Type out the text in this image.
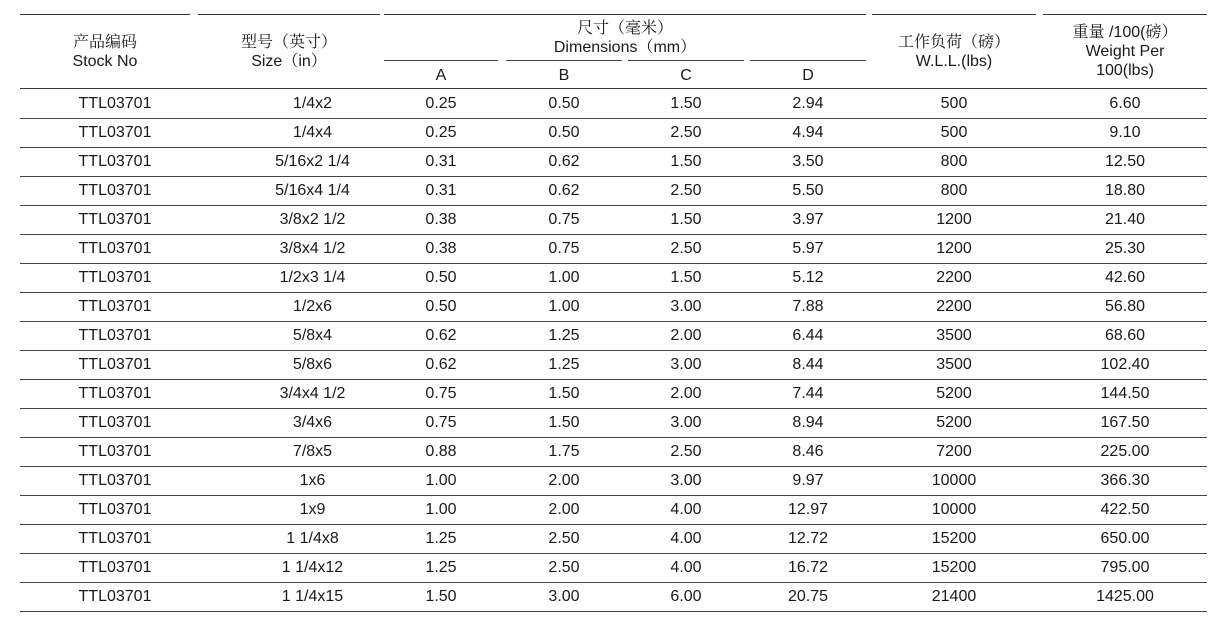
产品编码
Stock No
型号（英寸）
Size（in）
尺寸（毫米）
Dimensions（mm）
A	B	C	D
工作负荷（磅）
W.L.L.(lbs)
重量 /100(磅）
Weight Per
100(lbs)
TTL03701	1/4x2	0.25	0.50	1.50	2.94	500	6.60
TTL03701	1/4x4	0.25	0.50	2.50	4.94	500	9.10
TTL03701	5/16x2 1/4	0.31	0.62	1.50	3.50	800	12.50
TTL03701	5/16x4 1/4	0.31	0.62	2.50	5.50	800	18.80
TTL03701	3/8x2 1/2	0.38	0.75	1.50	3.97	1200	21.40
TTL03701	3/8x4 1/2	0.38	0.75	2.50	5.97	1200	25.30
TTL03701	1/2x3 1/4	0.50	1.00	1.50	5.12	2200	42.60
TTL03701	1/2x6	0.50	1.00	3.00	7.88	2200	56.80
TTL03701	5/8x4	0.62	1.25	2.00	6.44	3500	68.60
TTL03701	5/8x6	0.62	1.25	3.00	8.44	3500	102.40
TTL03701	3/4x4 1/2	0.75	1.50	2.00	7.44	5200	144.50
TTL03701	3/4x6	0.75	1.50	3.00	8.94	5200	167.50
TTL03701	7/8x5	0.88	1.75	2.50	8.46	7200	225.00
TTL03701	1x6	1.00	2.00	3.00	9.97	10000	366.30
TTL03701	1x9	1.00	2.00	4.00	12.97	10000	422.50
TTL03701	1 1/4x8	1.25	2.50	4.00	12.72	15200	650.00
TTL03701	1 1/4x12	1.25	2.50	4.00	16.72	15200	795.00
TTL03701	1 1/4x15	1.50	3.00	6.00	20.75	21400	1425.00
